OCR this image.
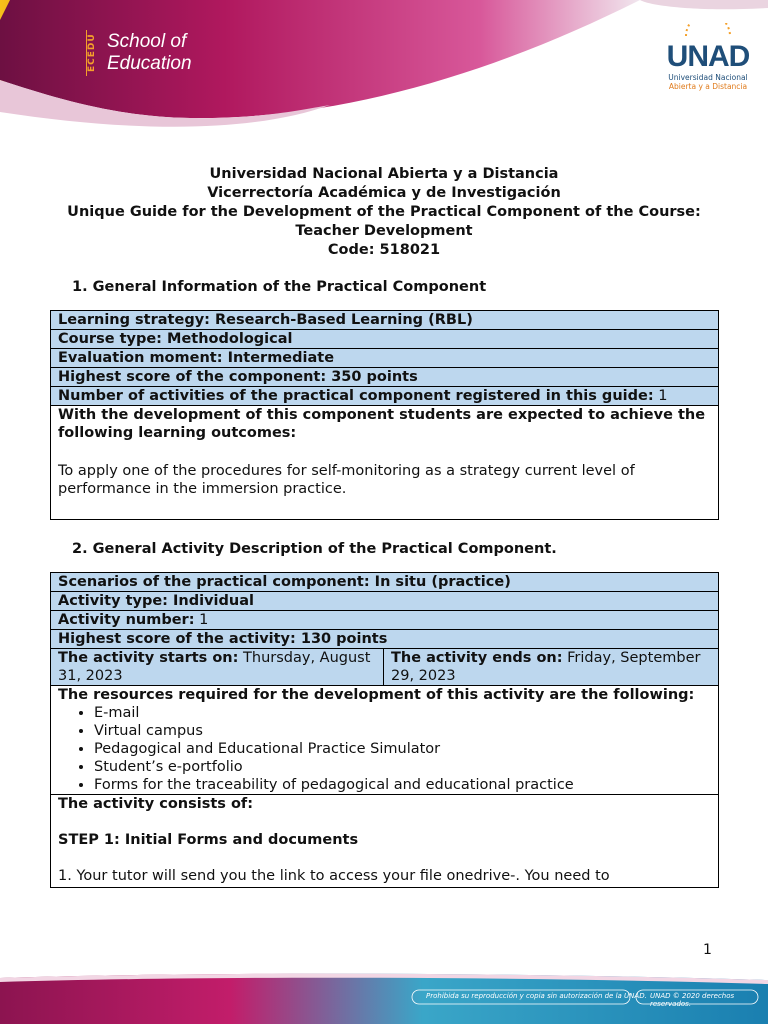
ECEDU School of
Education	UNAD
Universidad Nacional
Abierta y a Distancia
Universidad Nacional Abierta y a Distancia
Vicerrectoría Académica y de Investigación
Unique Guide for the Development of the Practical Component of the Course:
Teacher Development
Code: 518021
1. General Information of the Practical Component
Learning strategy: Research-Based Learning (RBL)
Course type: Methodological
Evaluation moment: Intermediate
Highest score of the component: 350 points
Number of activities of the practical component registered in this guide: 1
With the development of this component students are expected to achieve the following learning outcomes:
To apply one of the procedures for self-monitoring as a strategy current level of performance in the immersion practice.
2. General Activity Description of the Practical Component.
Scenarios of the practical component: In situ (practice)
Activity type: Individual
Activity number: 1
Highest score of the activity: 130 points
The activity starts on: Thursday, August 31, 2023	The activity ends on: Friday, September 29, 2023
The resources required for the development of this activity are the following:
• E-mail
• Virtual campus
• Pedagogical and Educational Practice Simulator
• Student’s e-portfolio
• Forms for the traceability of pedagogical and educational practice

The activity consists of:
STEP 1: Initial Forms and documents
1. Your tutor will send you the link to access your file onedrive-. You need to
1
Prohibida su reproducción y copia sin autorización de la UNAD. UNAD © 2020 derechos reservados.
